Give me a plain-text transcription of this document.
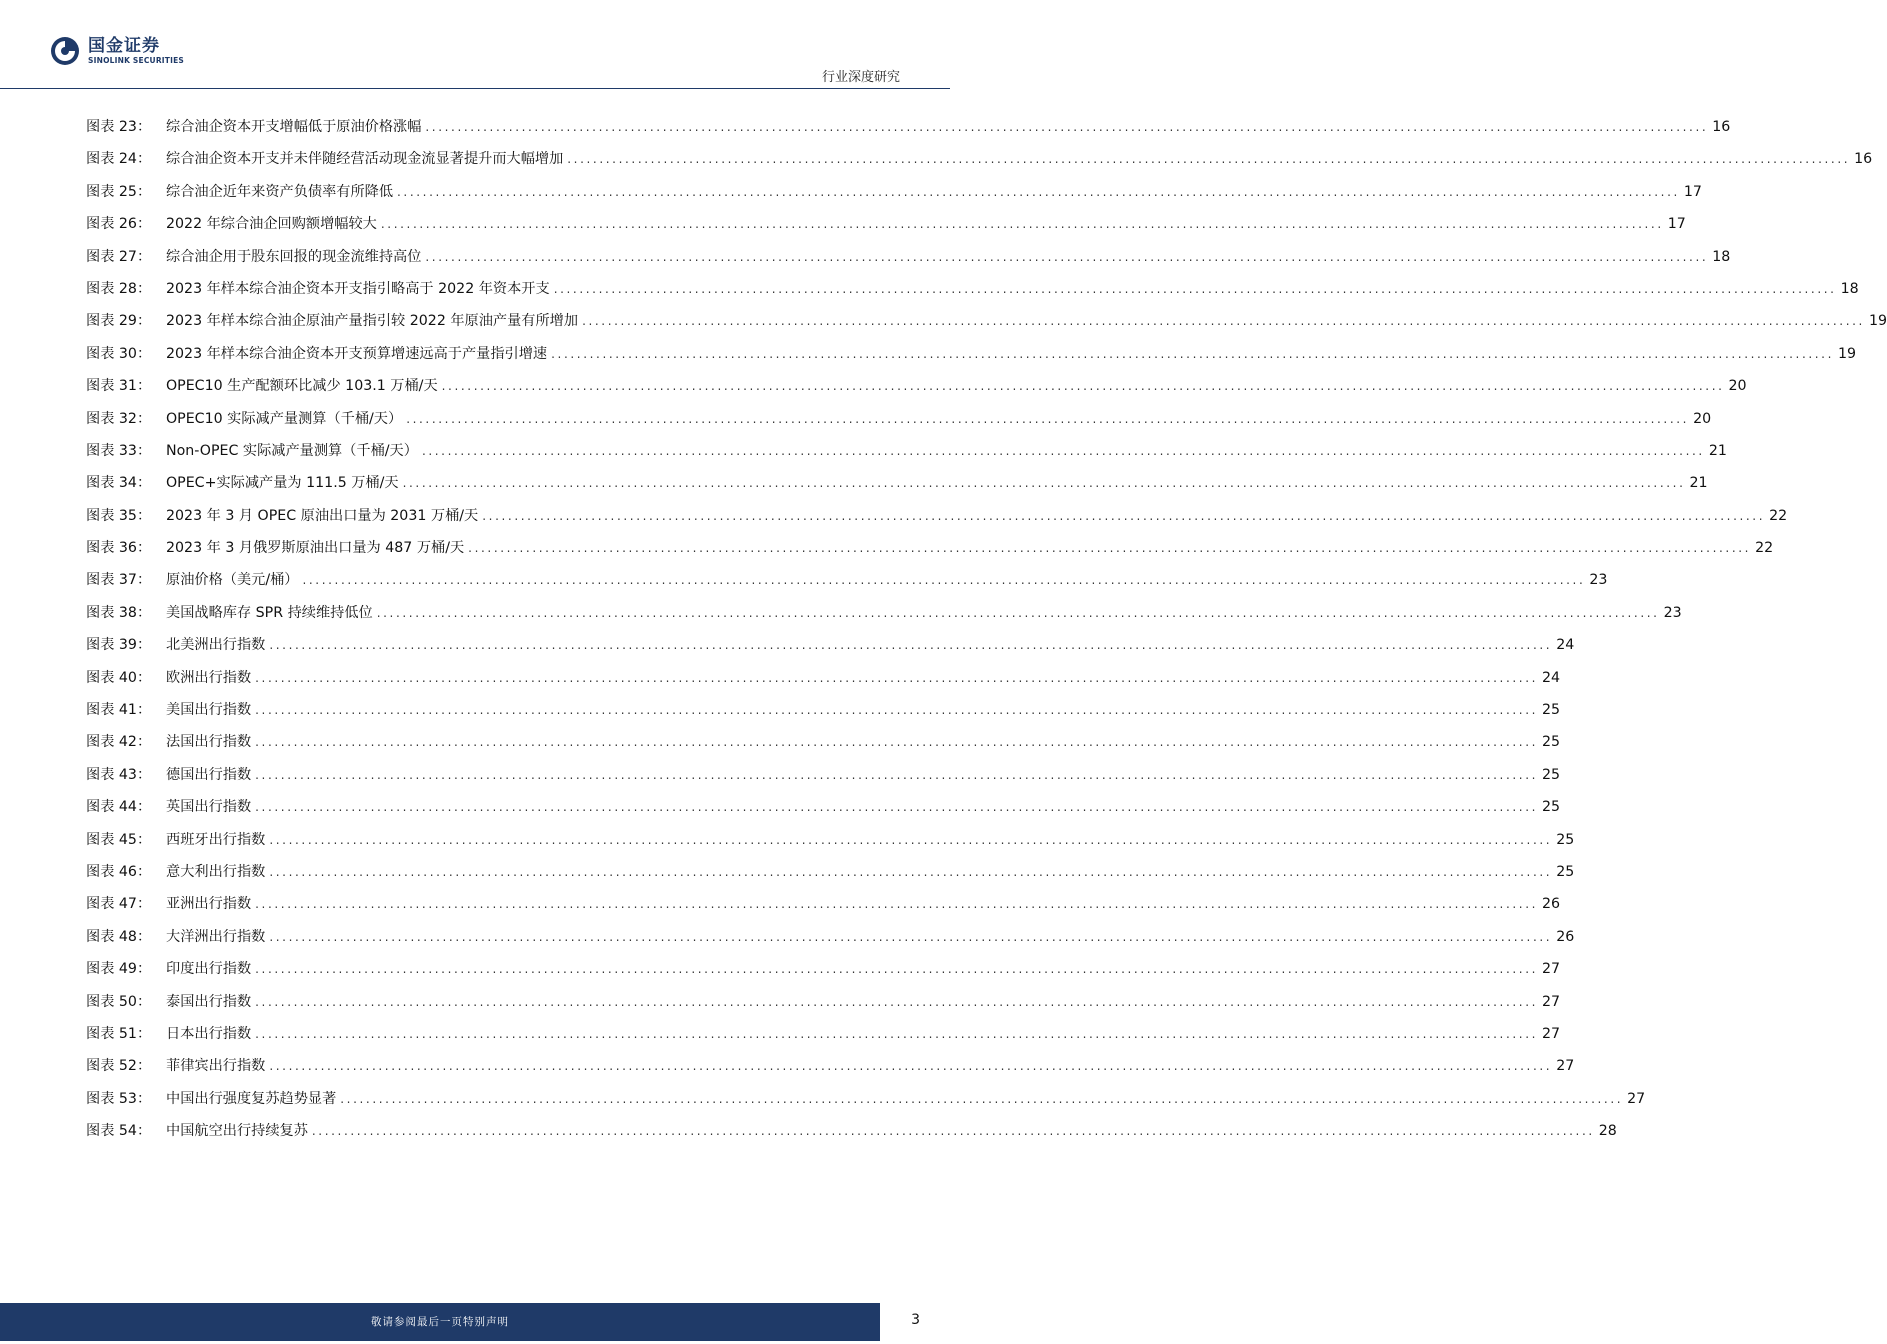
国金证券
SINOLINK SECURITIES
行业深度研究
图表 23：	综合油企资本开支增幅低于原油价格涨幅 ........................................................................................................................................................................................................ 16
图表 24：	综合油企资本开支并未伴随经营活动现金流显著提升而大幅增加 ........................................................................................................................................................................................................ 16
图表 25：	综合油企近年来资产负债率有所降低 ........................................................................................................................................................................................................ 17
图表 26：	2022 年综合油企回购额增幅较大 ........................................................................................................................................................................................................ 17
图表 27：	综合油企用于股东回报的现金流维持高位 ........................................................................................................................................................................................................ 18
图表 28：	2023 年样本综合油企资本开支指引略高于 2022 年资本开支 ........................................................................................................................................................................................................ 18
图表 29：	2023 年样本综合油企原油产量指引较 2022 年原油产量有所增加 ........................................................................................................................................................................................................ 19
图表 30：	2023 年样本综合油企资本开支预算增速远高于产量指引增速 ........................................................................................................................................................................................................ 19
图表 31：	OPEC10 生产配额环比减少 103.1 万桶/天 ........................................................................................................................................................................................................ 20
图表 32：	OPEC10 实际减产量测算（千桶/天） ........................................................................................................................................................................................................ 20
图表 33：	Non-OPEC 实际减产量测算（千桶/天） ........................................................................................................................................................................................................ 21
图表 34：	OPEC+实际减产量为 111.5 万桶/天 ........................................................................................................................................................................................................ 21
图表 35：	2023 年 3 月 OPEC 原油出口量为 2031 万桶/天 ........................................................................................................................................................................................................ 22
图表 36：	2023 年 3 月俄罗斯原油出口量为 487 万桶/天 ........................................................................................................................................................................................................ 22
图表 37：	原油价格（美元/桶） ........................................................................................................................................................................................................ 23
图表 38：	美国战略库存 SPR 持续维持低位 ........................................................................................................................................................................................................ 23
图表 39：	北美洲出行指数 ........................................................................................................................................................................................................ 24
图表 40：	欧洲出行指数 ........................................................................................................................................................................................................ 24
图表 41：	美国出行指数 ........................................................................................................................................................................................................ 25
图表 42：	法国出行指数 ........................................................................................................................................................................................................ 25
图表 43：	德国出行指数 ........................................................................................................................................................................................................ 25
图表 44：	英国出行指数 ........................................................................................................................................................................................................ 25
图表 45：	西班牙出行指数 ........................................................................................................................................................................................................ 25
图表 46：	意大利出行指数 ........................................................................................................................................................................................................ 25
图表 47：	亚洲出行指数 ........................................................................................................................................................................................................ 26
图表 48：	大洋洲出行指数 ........................................................................................................................................................................................................ 26
图表 49：	印度出行指数 ........................................................................................................................................................................................................ 27
图表 50：	泰国出行指数 ........................................................................................................................................................................................................ 27
图表 51：	日本出行指数 ........................................................................................................................................................................................................ 27
图表 52：	菲律宾出行指数 ........................................................................................................................................................................................................ 27
图表 53：	中国出行强度复苏趋势显著 ........................................................................................................................................................................................................ 27
图表 54：	中国航空出行持续复苏 ........................................................................................................................................................................................................ 28
敬请参阅最后一页特别声明	3
